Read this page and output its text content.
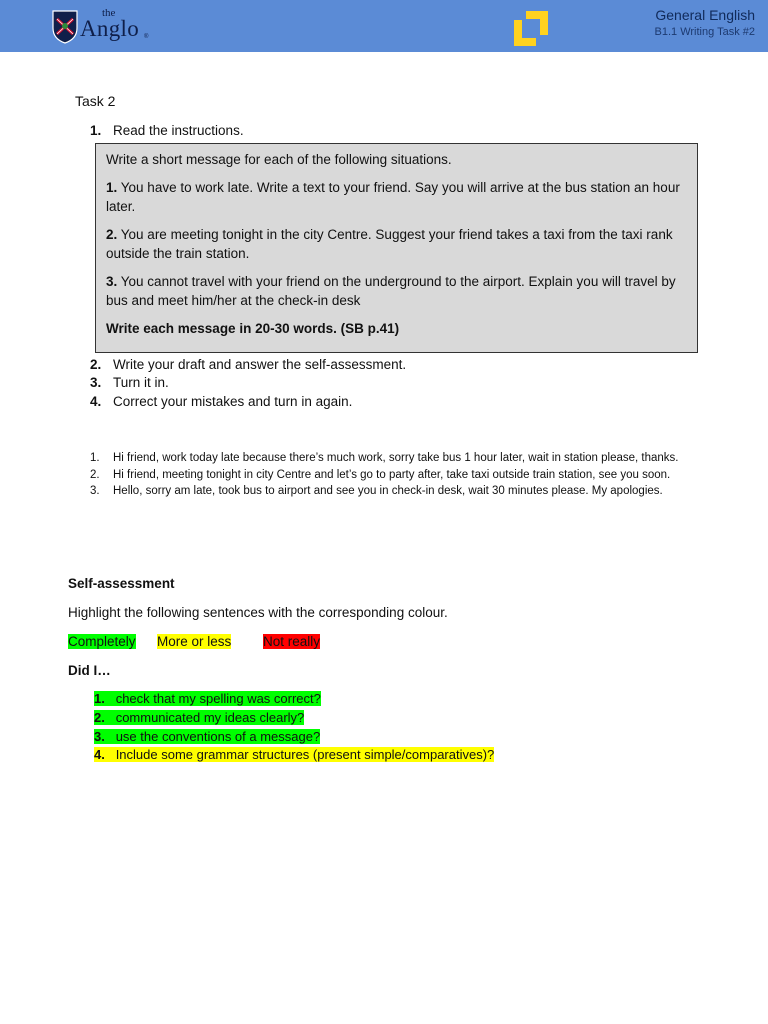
the
Anglo ®
General English
B1.1 Writing Task #2
Task 2
1. Read the instructions.

Write a short message for each of the following situations.

1. You have to work late. Write a text to your friend. Say you will arrive at the bus station an hour later.

2. You are meeting tonight in the city Centre. Suggest your friend takes a taxi from the taxi rank outside the train station.

3. You cannot travel with your friend on the underground to the airport. Explain you will travel by bus and meet him/her at the check-in desk

Write each message in 20-30 words. (SB p.41)

2. Write your draft and answer the self-assessment.
3. Turn it in.
4. Correct your mistakes and turn in again.
1. Hi friend, work today late because there’s much work, sorry take bus 1 hour later, wait in station please, thanks.
2. Hi friend, meeting tonight in city Centre and let’s go to party after, take taxi outside train station, see you soon.
3. Hello, sorry am late, took bus to airport and see you in check-in desk, wait 30 minutes please. My apologies.
Self-assessment
Highlight the following sentences with the corresponding colour.
Completely More or less Not really
Did I…
1. check that my spelling was correct?
2. communicated my ideas clearly?
3. use the conventions of a message?
4. Include some grammar structures (present simple/comparatives)?
